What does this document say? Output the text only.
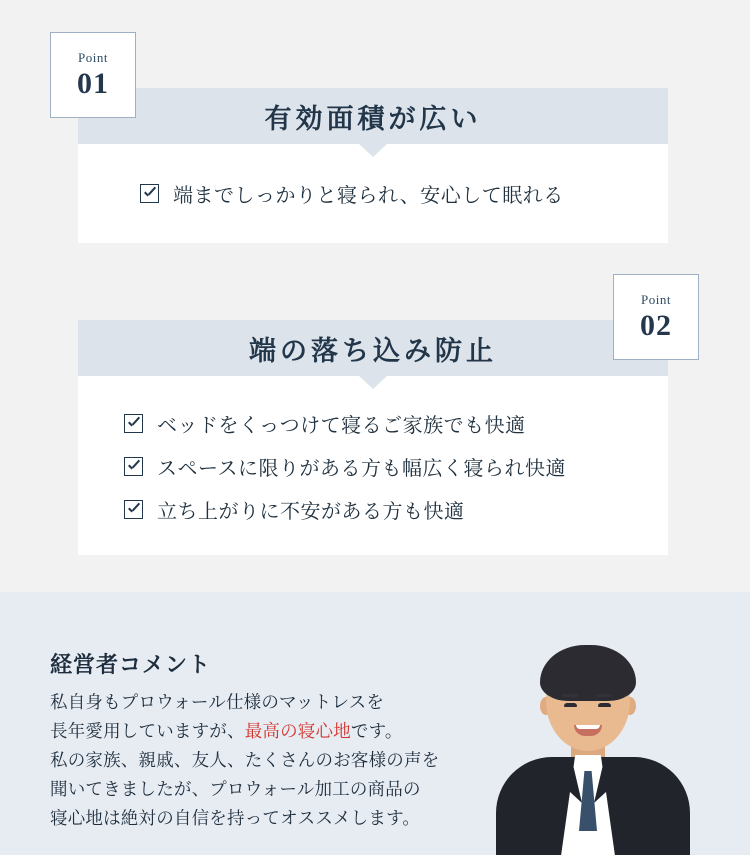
Point
01
有効面積が広い
端までしっかりと寝られ、安心して眠れる
Point
02
端の落ち込み防止
ベッドをくっつけて寝るご家族でも快適
スペースに限りがある方も幅広く寝られ快適
立ち上がりに不安がある方も快適
経営者コメント
私自身もプロウォール仕様のマットレスを
長年愛用していますが、最高の寝心地です。
私の家族、親戚、友人、たくさんのお客様の声を
聞いてきましたが、プロウォール加工の商品の
寝心地は絶対の自信を持ってオススメします。
